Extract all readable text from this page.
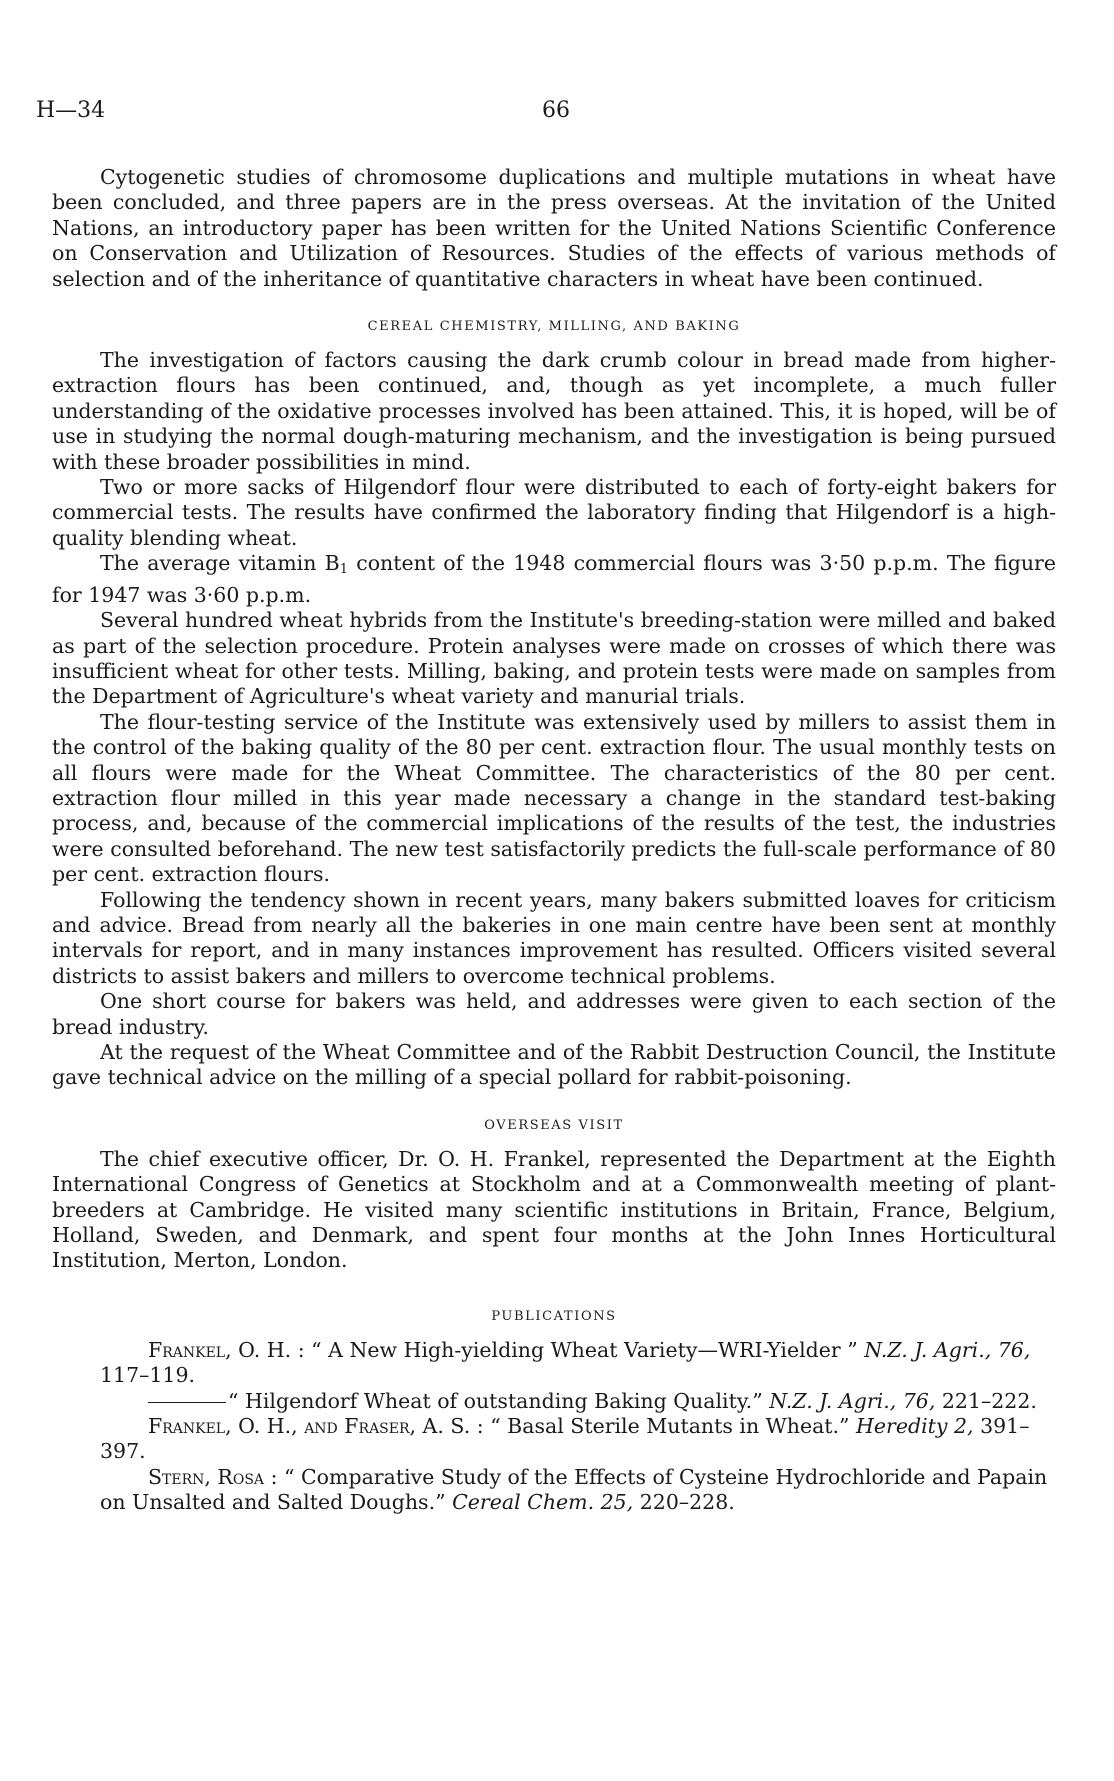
H—34	66

Cytogenetic studies of chromosome duplications and multiple mutations in wheat have been concluded, and three papers are in the press overseas. At the invitation of the United Nations, an introductory paper has been written for the United Nations Scientific Conference on Conservation and Utilization of Resources. Studies of the effects of various methods of selection and of the inheritance of quantitative characters in wheat have been continued.

CEREAL CHEMISTRY, MILLING, AND BAKING

The investigation of factors causing the dark crumb colour in bread made from higher-extraction flours has been continued, and, though as yet incomplete, a much fuller understanding of the oxidative processes involved has been attained. This, it is hoped, will be of use in studying the normal dough-maturing mechanism, and the investigation is being pursued with these broader possibilities in mind.

Two or more sacks of Hilgendorf flour were distributed to each of forty-eight bakers for commercial tests. The results have confirmed the laboratory finding that Hilgendorf is a high-quality blending wheat.

The average vitamin $B_1$ content of the 1948 commercial flours was 3·50 p.p.m. The figure for 1947 was 3·60 p.p.m.

Several hundred wheat hybrids from the Institute's breeding-station were milled and baked as part of the selection procedure. Protein analyses were made on crosses of which there was insufficient wheat for other tests. Milling, baking, and protein tests were made on samples from the Department of Agriculture's wheat variety and manurial trials.

The flour-testing service of the Institute was extensively used by millers to assist them in the control of the baking quality of the 80 per cent. extraction flour. The usual monthly tests on all flours were made for the Wheat Committee. The characteristics of the 80 per cent. extraction flour milled in this year made necessary a change in the standard test-baking process, and, because of the commercial implications of the results of the test, the industries were consulted beforehand. The new test satisfactorily predicts the full-scale performance of 80 per cent. extraction flours.

Following the tendency shown in recent years, many bakers submitted loaves for criticism and advice. Bread from nearly all the bakeries in one main centre have been sent at monthly intervals for report, and in many instances improvement has resulted. Officers visited several districts to assist bakers and millers to overcome technical problems.

One short course for bakers was held, and addresses were given to each section of the bread industry.

At the request of the Wheat Committee and of the Rabbit Destruction Council, the Institute gave technical advice on the milling of a special pollard for rabbit-poisoning.

OVERSEAS VISIT

The chief executive officer, Dr. O. H. Frankel, represented the Department at the Eighth International Congress of Genetics at Stockholm and at a Commonwealth meeting of plant-breeders at Cambridge. He visited many scientific institutions in Britain, France, Belgium, Holland, Sweden, and Denmark, and spent four months at the John Innes Horticultural Institution, Merton, London.

PUBLICATIONS

Frankel, O. H. : “ A New High-yielding Wheat Variety—WRI-Yielder ” N.Z. J. Agri., 76, 117–119.

“ Hilgendorf Wheat of outstanding Baking Quality.” N.Z. J. Agri., 76, 221–222.

Frankel, O. H., and Fraser, A. S. : “ Basal Sterile Mutants in Wheat.” Heredity 2, 391–397.

Stern, Rosa : “ Comparative Study of the Effects of Cysteine Hydrochloride and Papain on Unsalted and Salted Doughs.” Cereal Chem. 25, 220–228.
